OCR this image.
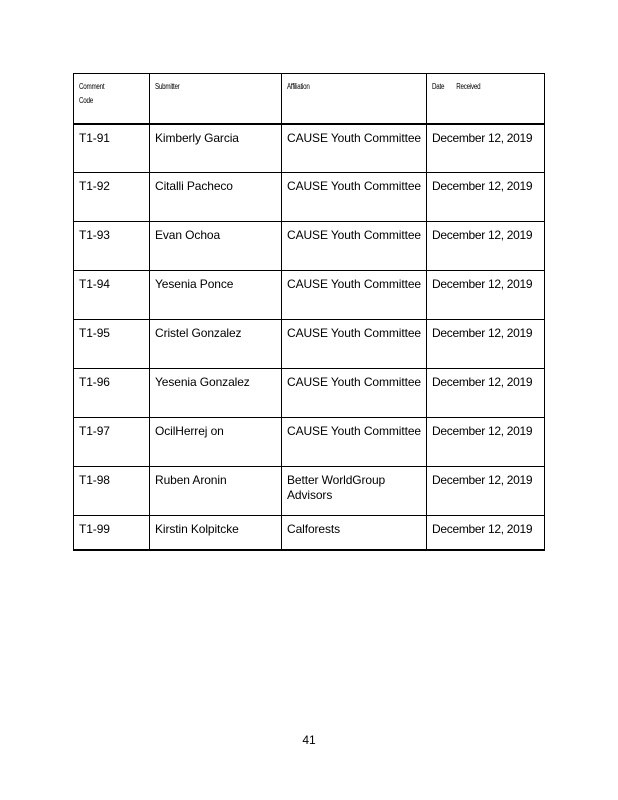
Comment
Code	Submitter	Affiliation	Date        Received
T1-91	Kimberly Garcia	CAUSE Youth Committee	December 12, 2019
T1-92	Citalli Pacheco	CAUSE Youth Committee	December 12, 2019
T1-93	Evan Ochoa	CAUSE Youth Committee	December 12, 2019
T1-94	Yesenia Ponce	CAUSE Youth Committee	December 12, 2019
T1-95	Cristel Gonzalez	CAUSE Youth Committee	December 12, 2019
T1-96	Yesenia Gonzalez	CAUSE Youth Committee	December 12, 2019
T1-97	OcilHerrej on	CAUSE Youth Committee	December 12, 2019
T1-98	Ruben Aronin	Better WorldGroup Advisors	December 12, 2019
T1-99	Kirstin Kolpitcke	Calforests	December 12, 2019
41
